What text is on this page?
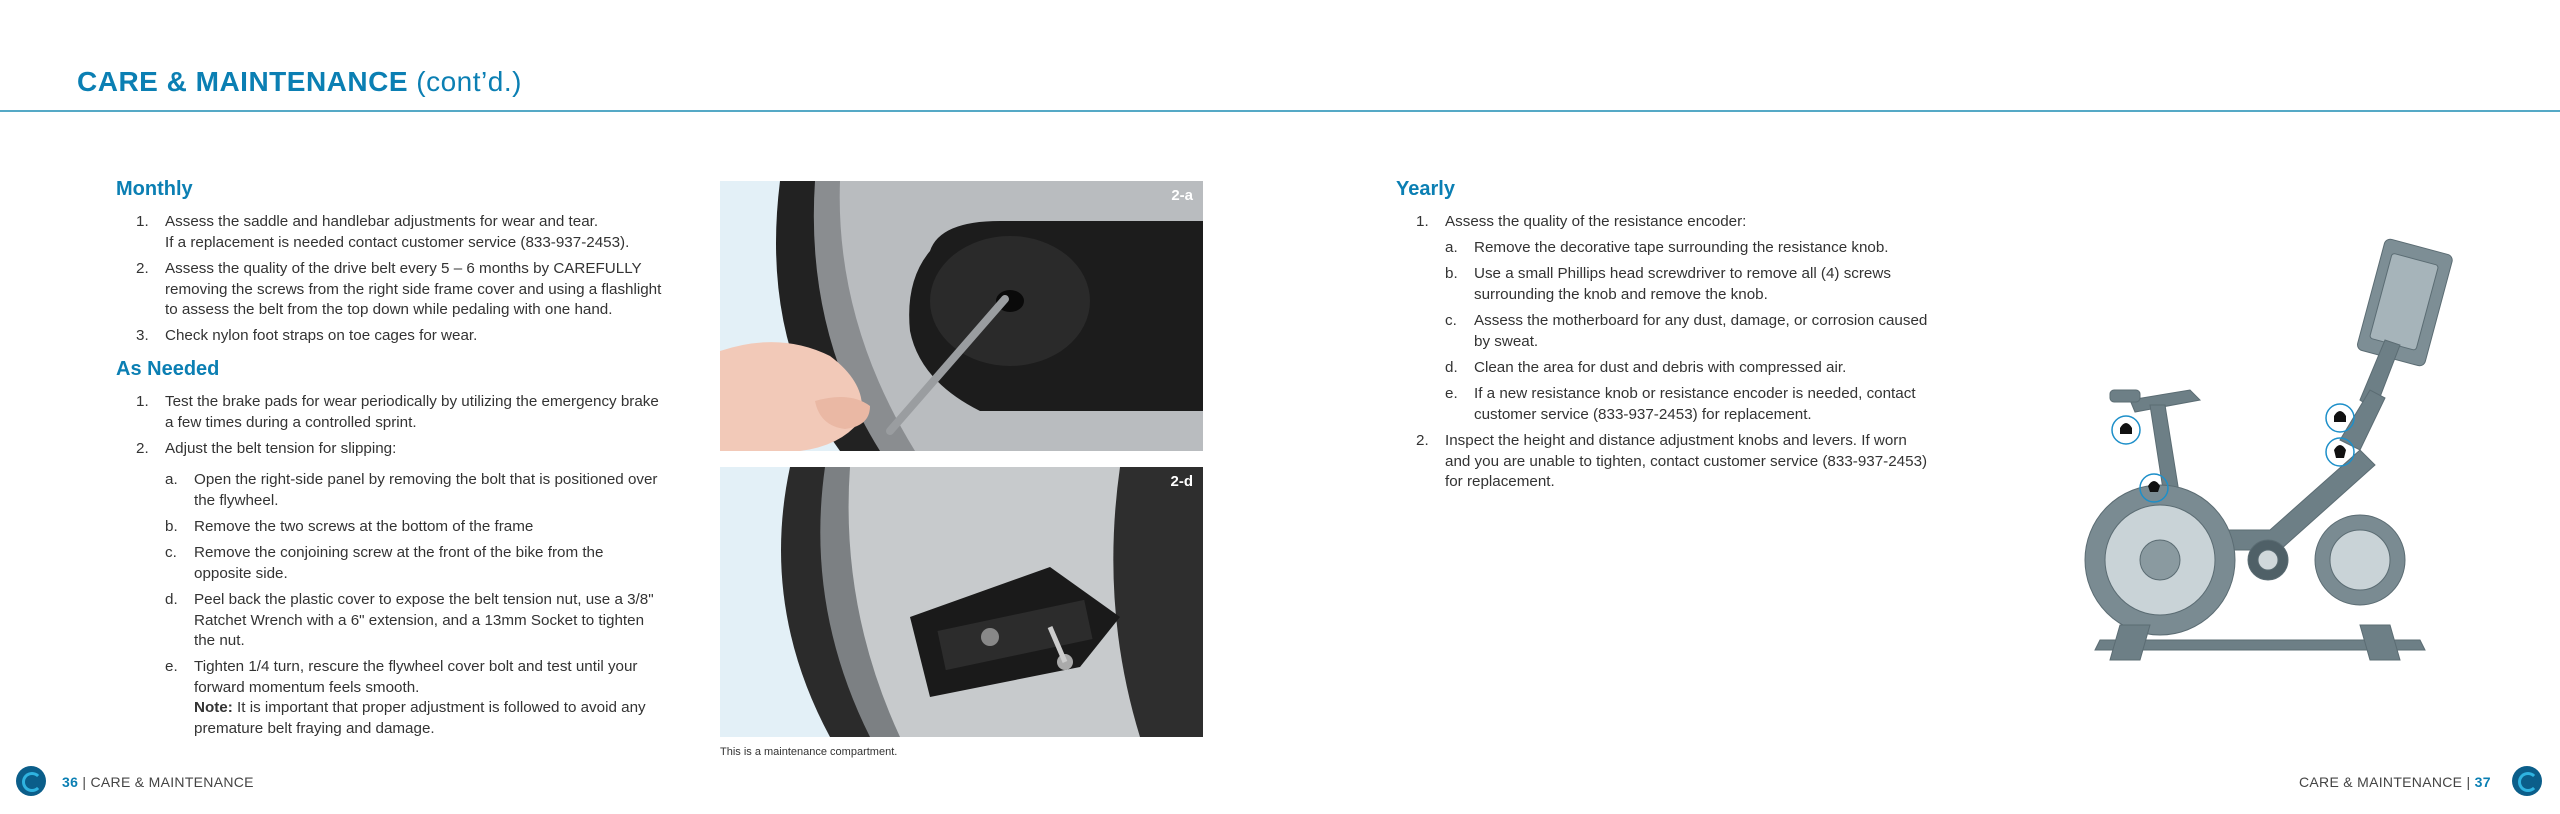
CARE & MAINTENANCE (cont’d.)
Monthly
1. Assess the saddle and handlebar adjustments for wear and tear.
If a replacement is needed contact customer service (833-937-2453).
2. Assess the quality of the drive belt every 5 – 6 months by CAREFULLY
removing the screws from the right side frame cover and using a flashlight
to assess the belt from the top down while pedaling with one hand.
3. Check nylon foot straps on toe cages for wear.
As Needed
1. Test the brake pads for wear periodically by utilizing the emergency brake
a few times during a controlled sprint.
2. Adjust the belt tension for slipping:
a. Open the right-side panel by removing the bolt that is positioned over
the flywheel.
b. Remove the two screws at the bottom of the frame
c. Remove the conjoining screw at the front of the bike from the
opposite side.
d. Peel back the plastic cover to expose the belt tension nut, use a 3/8"
Ratchet Wrench with a 6" extension, and a 13mm Socket to tighten
the nut.
e. Tighten 1/4 turn, rescure the flywheel cover bolt and test until your
forward momentum feels smooth.
Note: It is important that proper adjustment is followed to avoid any
premature belt fraying and damage.
2-a
2-d
This is a maintenance compartment.
Yearly
1. Assess the quality of the resistance encoder:
a. Remove the decorative tape surrounding the resistance knob.
b. Use a small Phillips head screwdriver to remove all (4) screws
surrounding the knob and remove the knob.
c. Assess the motherboard for any dust, damage, or corrosion caused
by sweat.
d. Clean the area for dust and debris with compressed air.
e. If a new resistance knob or resistance encoder is needed, contact
customer service (833-937-2453) for replacement.
2. Inspect the height and distance adjustment knobs and levers. If worn
and you are unable to tighten, contact customer service (833-937-2453)
for replacement.
36 | CARE & MAINTENANCE	CARE & MAINTENANCE | 37
